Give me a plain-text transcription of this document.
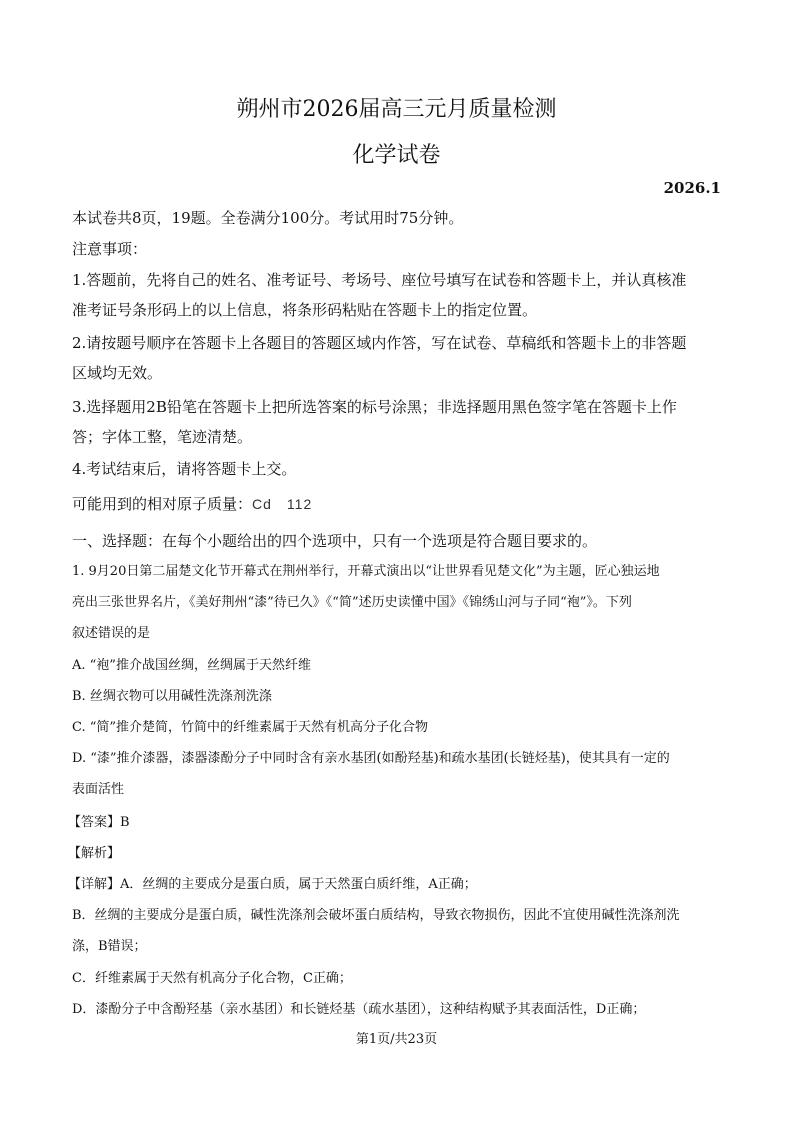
朔州市2026届高三元月质量检测
化学试卷
2026.1
本试卷共8页，19题。全卷满分100分。考试用时75分钟。
注意事项：
1.答题前，先将自己的姓名、准考证号、考场号、座位号填写在试卷和答题卡上，并认真核准
准考证号条形码上的以上信息，将条形码粘贴在答题卡上的指定位置。
2.请按题号顺序在答题卡上各题目的答题区域内作答，写在试卷、草稿纸和答题卡上的非答题
区域均无效。
3.选择题用2B铅笔在答题卡上把所选答案的标号涂黑；非选择题用黑色签字笔在答题卡上作
答；字体工整，笔迹清楚。
4.考试结束后，请将答题卡上交。
可能用到的相对原子质量：Cd　112
一、选择题：在每个小题给出的四个选项中，只有一个选项是符合题目要求的。
1. 9月20日第二届楚文化节开幕式在荆州举行，开幕式演出以“让世界看见楚文化”为主题，匠心独运地
亮出三张世界名片，《美好荆州“漆”待已久》《“简”述历史读懂中国》《锦绣山河与子同“袍”》。下列
叙述错误的是
A. “袍”推介战国丝绸，丝绸属于天然纤维
B. 丝绸衣物可以用碱性洗涤剂洗涤
C. “简”推介楚简，竹简中的纤维素属于天然有机高分子化合物
D. “漆”推介漆器，漆器漆酚分子中同时含有亲水基团(如酚羟基)和疏水基团(长链烃基)，使其具有一定的
表面活性
【答案】B
【解析】
【详解】A．丝绸的主要成分是蛋白质，属于天然蛋白质纤维，A正确；
B．丝绸的主要成分是蛋白质，碱性洗涤剂会破坏蛋白质结构，导致衣物损伤，因此不宜使用碱性洗涤剂洗
涤，B错误；
C．纤维素属于天然有机高分子化合物，C正确；
D．漆酚分子中含酚羟基（亲水基团）和长链烃基（疏水基团），这种结构赋予其表面活性，D正确；
第1页/共23页
